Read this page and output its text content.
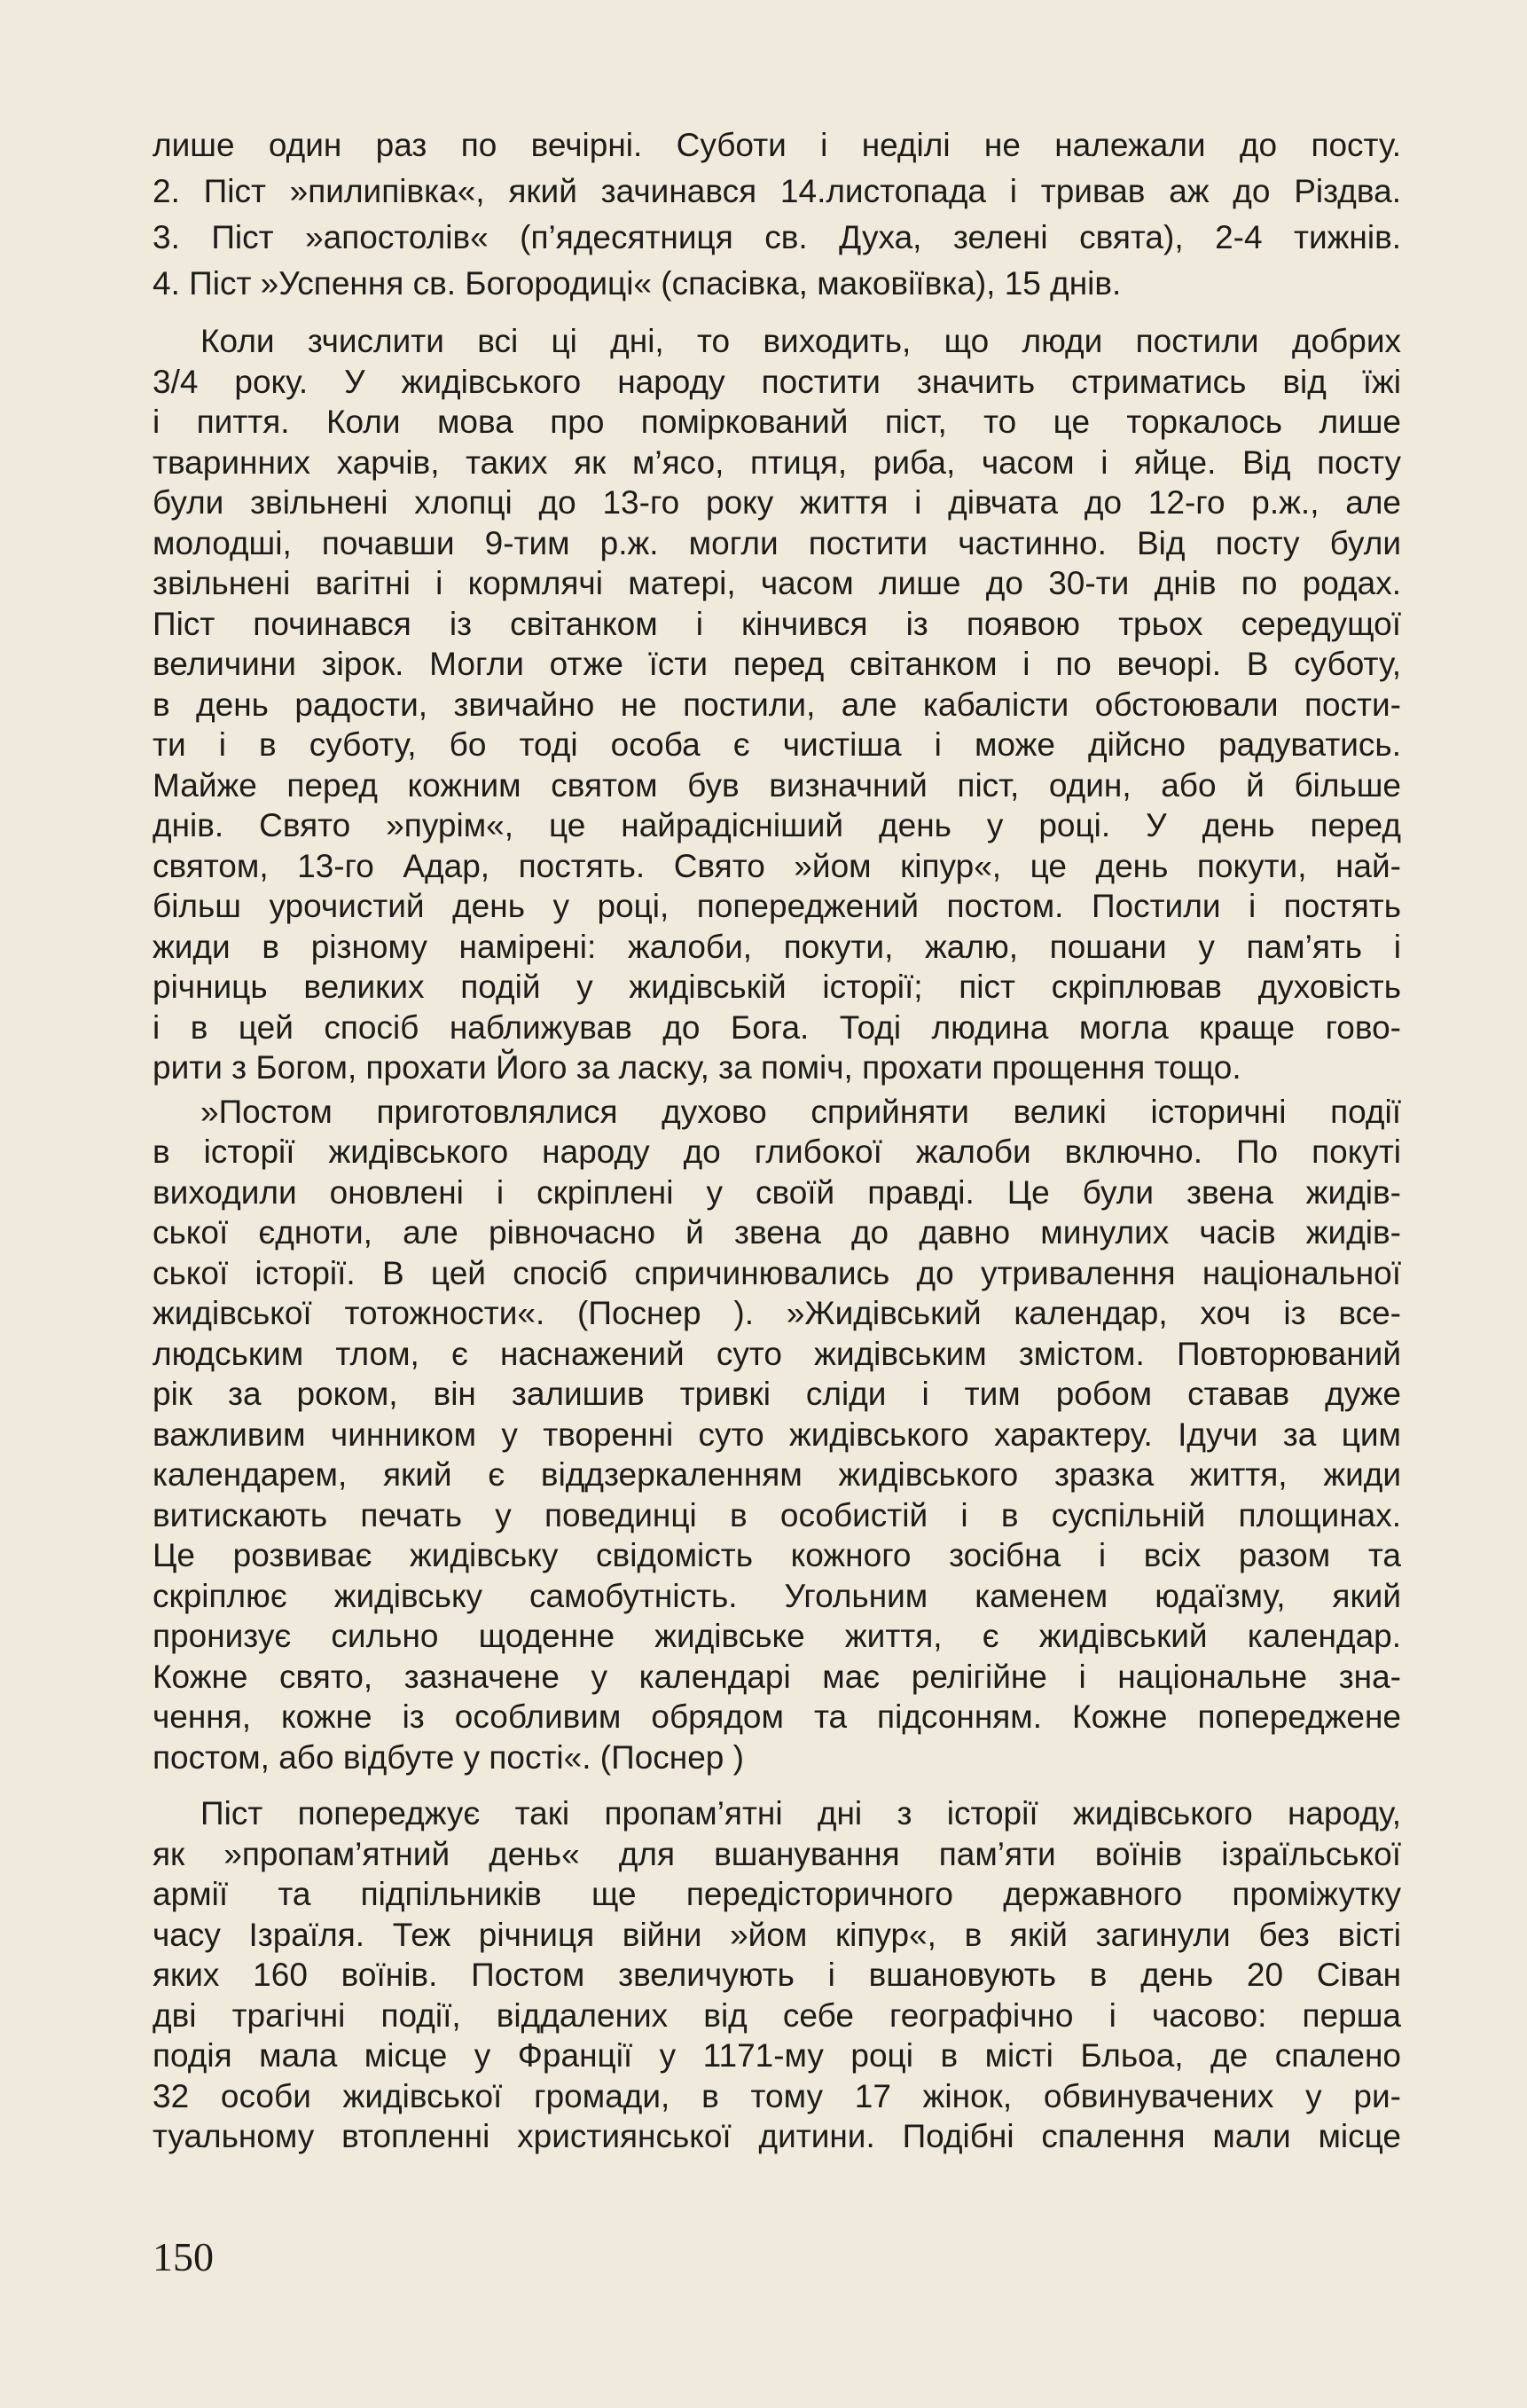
лише один раз по вечірні. Суботи і неділі не належали до посту.
2. Піст »пилипівка«, який зачинався 14.листопада і тривав аж до Різдва.
3. Піст »апостолів« (п’ядесятниця св. Духа, зелені свята), 2-4 тижнів.
4. Піст »Успення св. Богородиці« (спасівка, маковіївка), 15 днів.
Коли зчислити всі ці дні, то виходить, що люди постили добрих
3/4 року. У жидівського народу постити значить стриматись від їжі
і пиття. Коли мова про поміркований піст, то це торкалось лише
тваринних харчів, таких як м’ясо, птиця, риба, часом і яйце. Від посту
були звільнені хлопці до 13-го року життя і дівчата до 12-го р.ж., але
молодші, почавши 9-тим р.ж. могли постити частинно. Від посту були
звільнені вагітні і кормлячі матері, часом лише до 30-ти днів по родах.
Піст починався із світанком і кінчився із появою трьох середущої
величини зірок. Могли отже їсти перед світанком і по вечорі. В суботу,
в день радости, звичайно не постили, але кабалісти обстоювали пости-
ти і в суботу, бо тоді особа є чистіша і може дійсно радуватись.
Майже перед кожним святом був визначний піст, один, або й більше
днів. Свято »пурім«, це найрадісніший день у році. У день перед
святом, 13-го Адар, постять. Свято »йом кіпур«, це день покути, най-
більш урочистий день у році, попереджений постом. Постили і постять
жиди в різному намірені: жалоби, покути, жалю, пошани у пам’ять і
річниць великих подій у жидівській історії; піст скріплював духовість
і в цей спосіб наближував до Бога. Тоді людина могла краще гово-
рити з Богом, прохати Його за ласку, за поміч, прохати прощення тощо.
»Постом приготовлялися духово сприйняти великі історичні події
в історії жидівського народу до глибокої жалоби включно. По покуті
виходили оновлені і скріплені у своїй правді. Це були звена жидів-
ської єдноти, але рівночасно й звена до давно минулих часів жидів-
ської історії. В цей спосіб спричинювались до утривалення національної
жидівської тотожности«. (Поснер ). »Жидівський календар, хоч із все-
людським тлом, є наснажений суто жидівським змістом. Повторюваний
рік за роком, він залишив тривкі сліди і тим робом ставав дуже
важливим чинником у творенні суто жидівського характеру. Ідучи за цим
календарем, який є віддзеркаленням жидівського зразка життя, жиди
витискають печать у повединці в особистій і в суспільній площинах.
Це розвиває жидівську свідомість кожного зосібна і всіх разом та
скріплює жидівську самобутність. Угольним каменем юдаїзму, який
пронизує сильно щоденне жидівське життя, є жидівський календар.
Кожне свято, зазначене у календарі має релігійне і національне зна-
чення, кожне із особливим обрядом та підсонням. Кожне попереджене
постом, або відбуте у пості«. (Поснер )
Піст попереджує такі пропам’ятні дні з історії жидівського народу,
як »пропам’ятний день« для вшанування пам’яти воїнів ізраїльської
армії та підпільників ще передісторичного державного проміжутку
часу Ізраїля. Теж річниця війни »йом кіпур«, в якій загинули без вісті
яких 160 воїнів. Постом звеличують і вшановують в день 20 Сіван
дві трагічні події, віддалених від себе географічно і часово: перша
подія мала місце у Франції у 1171-му році в місті Бльоа, де спалено
32 особи жидівської громади, в тому 17 жінок, обвинувачених у ри-
туальному втопленні християнської дитини. Подібні спалення мали місце
150
